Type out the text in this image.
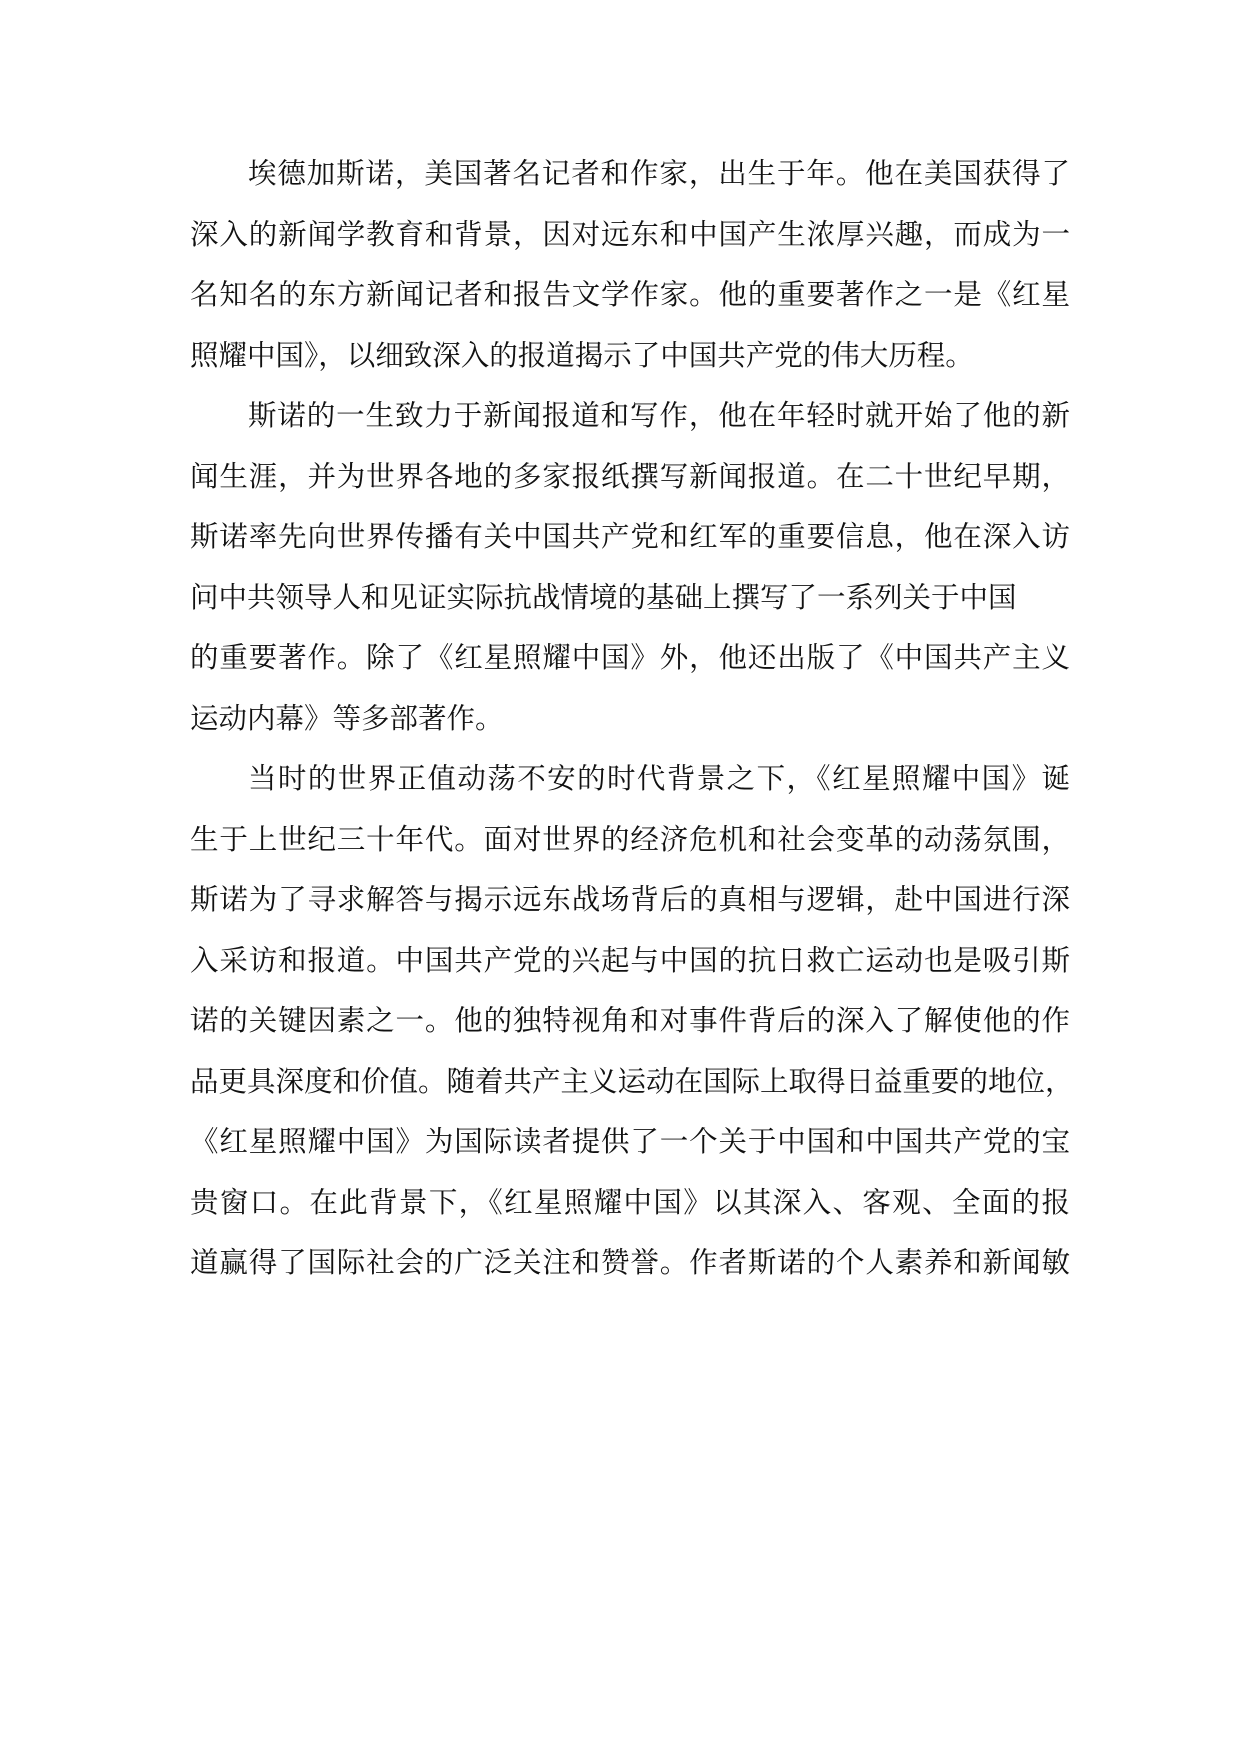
埃德加斯诺，美国著名记者和作家，出生于年。他在美国获得了
深入的新闻学教育和背景，因对远东和中国产生浓厚兴趣，而成为一
名知名的东方新闻记者和报告文学作家。他的重要著作之一是《红星
照耀中国》，以细致深入的报道揭示了中国共产党的伟大历程。
斯诺的一生致力于新闻报道和写作，他在年轻时就开始了他的新
闻生涯，并为世界各地的多家报纸撰写新闻报道。在二十世纪早期，
斯诺率先向世界传播有关中国共产党和红军的重要信息，他在深入访
问中共领导人和见证实际抗战情境的基础上撰写了一系列关于中国
的重要著作。除了《红星照耀中国》外，他还出版了《中国共产主义
运动内幕》等多部著作。
当时的世界正值动荡不安的时代背景之下，《红星照耀中国》诞
生于上世纪三十年代。面对世界的经济危机和社会变革的动荡氛围，
斯诺为了寻求解答与揭示远东战场背后的真相与逻辑，赴中国进行深
入采访和报道。中国共产党的兴起与中国的抗日救亡运动也是吸引斯
诺的关键因素之一。他的独特视角和对事件背后的深入了解使他的作
品更具深度和价值。随着共产主义运动在国际上取得日益重要的地位，
《红星照耀中国》为国际读者提供了一个关于中国和中国共产党的宝
贵窗口。在此背景下，《红星照耀中国》以其深入、客观、全面的报
道赢得了国际社会的广泛关注和赞誉。作者斯诺的个人素养和新闻敏
